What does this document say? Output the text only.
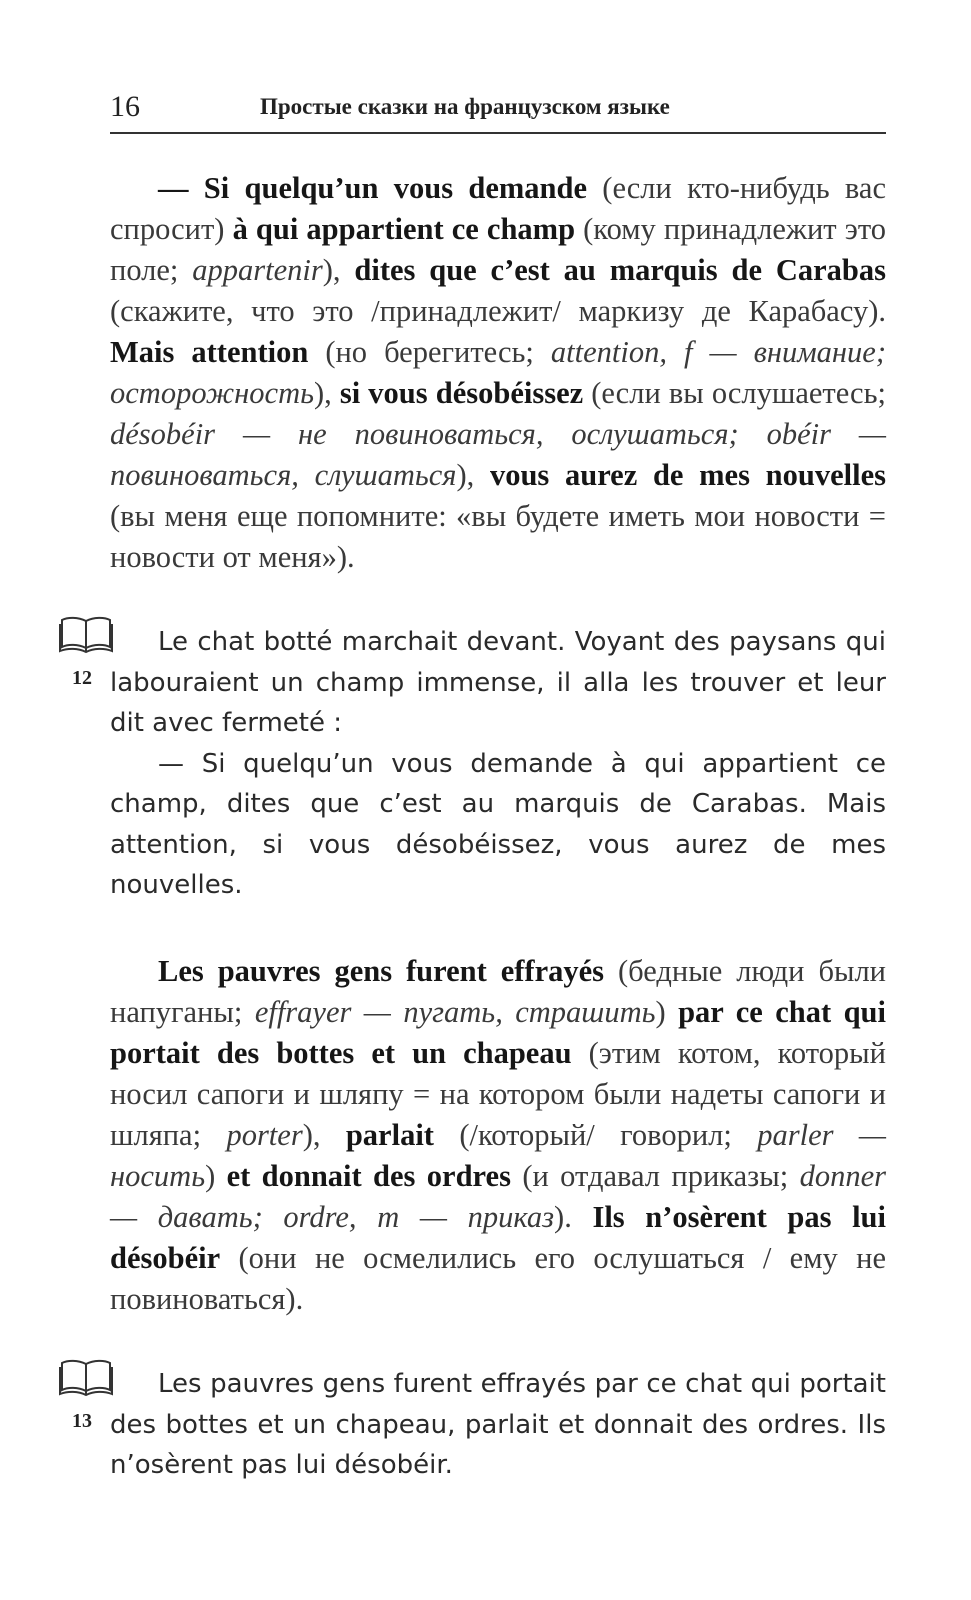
16	Простые сказки на французском языке

— Si quelqu’un vous demande (если кто-нибудь вас спросит) à qui appartient ce champ (кому принадлежит это поле; appartenir), dites que c’est au marquis de Carabas (скажите, что это /принадлежит/ маркизу де Карабасу). Mais attention (но берегитесь; attention, f — внимание; осторожность), si vous désobéissez (если вы ослушаетесь; désobéir — не повиноваться, ослушаться; obéir — повиноваться, слушаться), vous aurez de mes nouvelles (вы меня еще попомните: «вы будете иметь мои новости = новости от меня»).

12

Le chat botté marchait devant. Voyant des paysans qui labouraient un champ immense, il alla les trouver et leur dit avec fermeté :

— Si quelqu’un vous demande à qui appartient ce champ, dites que c’est au marquis de Carabas. Mais attention, si vous désobéissez, vous aurez de mes nouvelles.

Les pauvres gens furent effrayés (бедные люди были напуганы; effrayer — пугать, страшить) par ce chat qui portait des bottes et un chapeau (этим котом, который носил сапоги и шляпу = на котором были надеты сапоги и шляпа; porter), parlait (/который/ говорил; parler — носить) et donnait des ordres (и отдавал приказы; donner — давать; ordre, m — приказ). Ils n’osèrent pas lui désobéir (они не осмелились его ослушаться / ему не повиноваться).

13

Les pauvres gens furent effrayés par ce chat qui portait des bottes et un chapeau, parlait et donnait des ordres. Ils n’osèrent pas lui désobéir.
